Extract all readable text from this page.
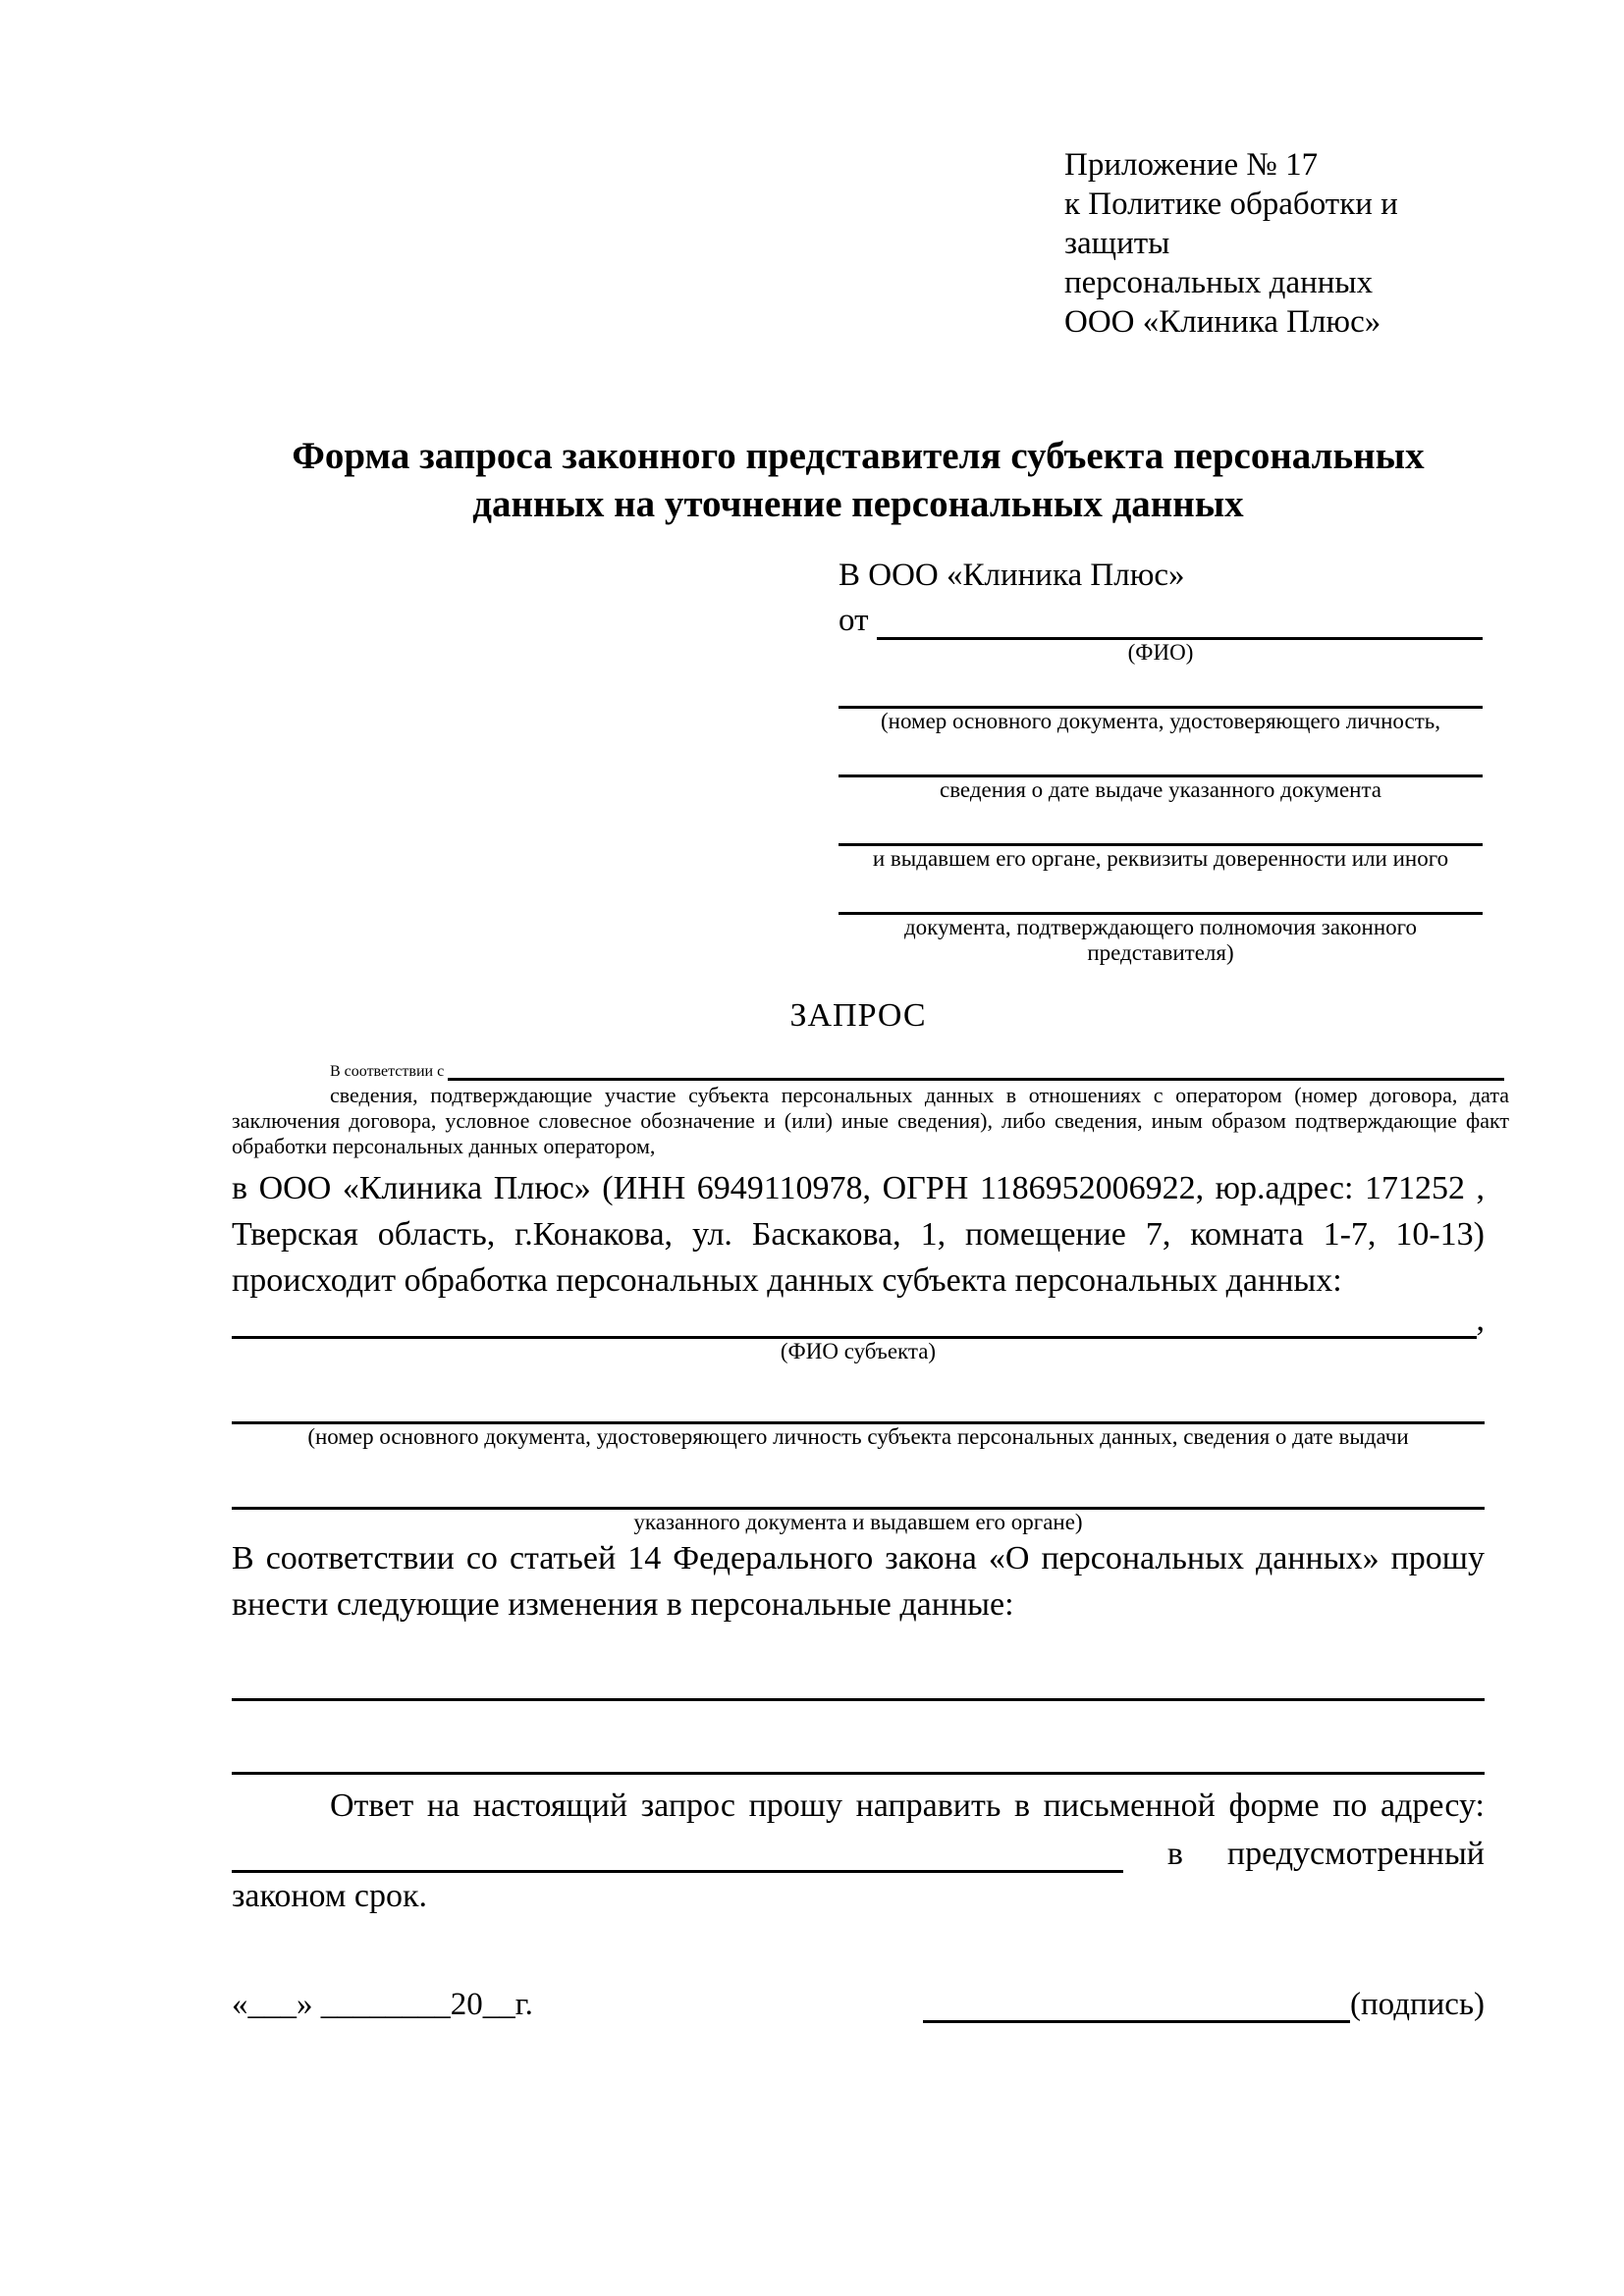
Приложение № 17
к Политике обработки и защиты
персональных данных
ООО «Клиника Плюс»
Форма запроса законного представителя субъекта персональных данных на уточнение персональных данных
В ООО «Клиника Плюс»
от
(ФИО)
(номер основного документа, удостоверяющего личность,
сведения о дате выдаче указанного документа
и выдавшем его органе, реквизиты доверенности или иного
документа, подтверждающего полномочия законного представителя)
ЗАПРОС
В соответствии с

сведения, подтверждающие участие субъекта персональных данных в отношениях с оператором (номер договора, дата заключения договора, условное словесное обозначение и (или) иные сведения), либо сведения, иным образом подтверждающие факт обработки персональных данных оператором,

в ООО «Клиника Плюс» (ИНН 6949110978, ОГРН 1186952006922, юр.адрес: 171252 , Тверская область, г.Конакова, ул. Баскакова, 1, помещение 7, комната 1-7, 10-13) происходит обработка персональных данных субъекта персональных данных:

,
(ФИО субъекта)
(номер основного документа, удостоверяющего личность субъекта персональных данных, сведения о дате выдачи
указанного документа и выдавшем его органе)

В соответствии со статьей 14 Федерального закона «О персональных данных» прошу внести следующие изменения в персональные данные:

Ответ на настоящий запрос прошу направить в письменной форме по адресу:

в предусмотренный

законом срок.

«___» ________20__г.	(подпись)
